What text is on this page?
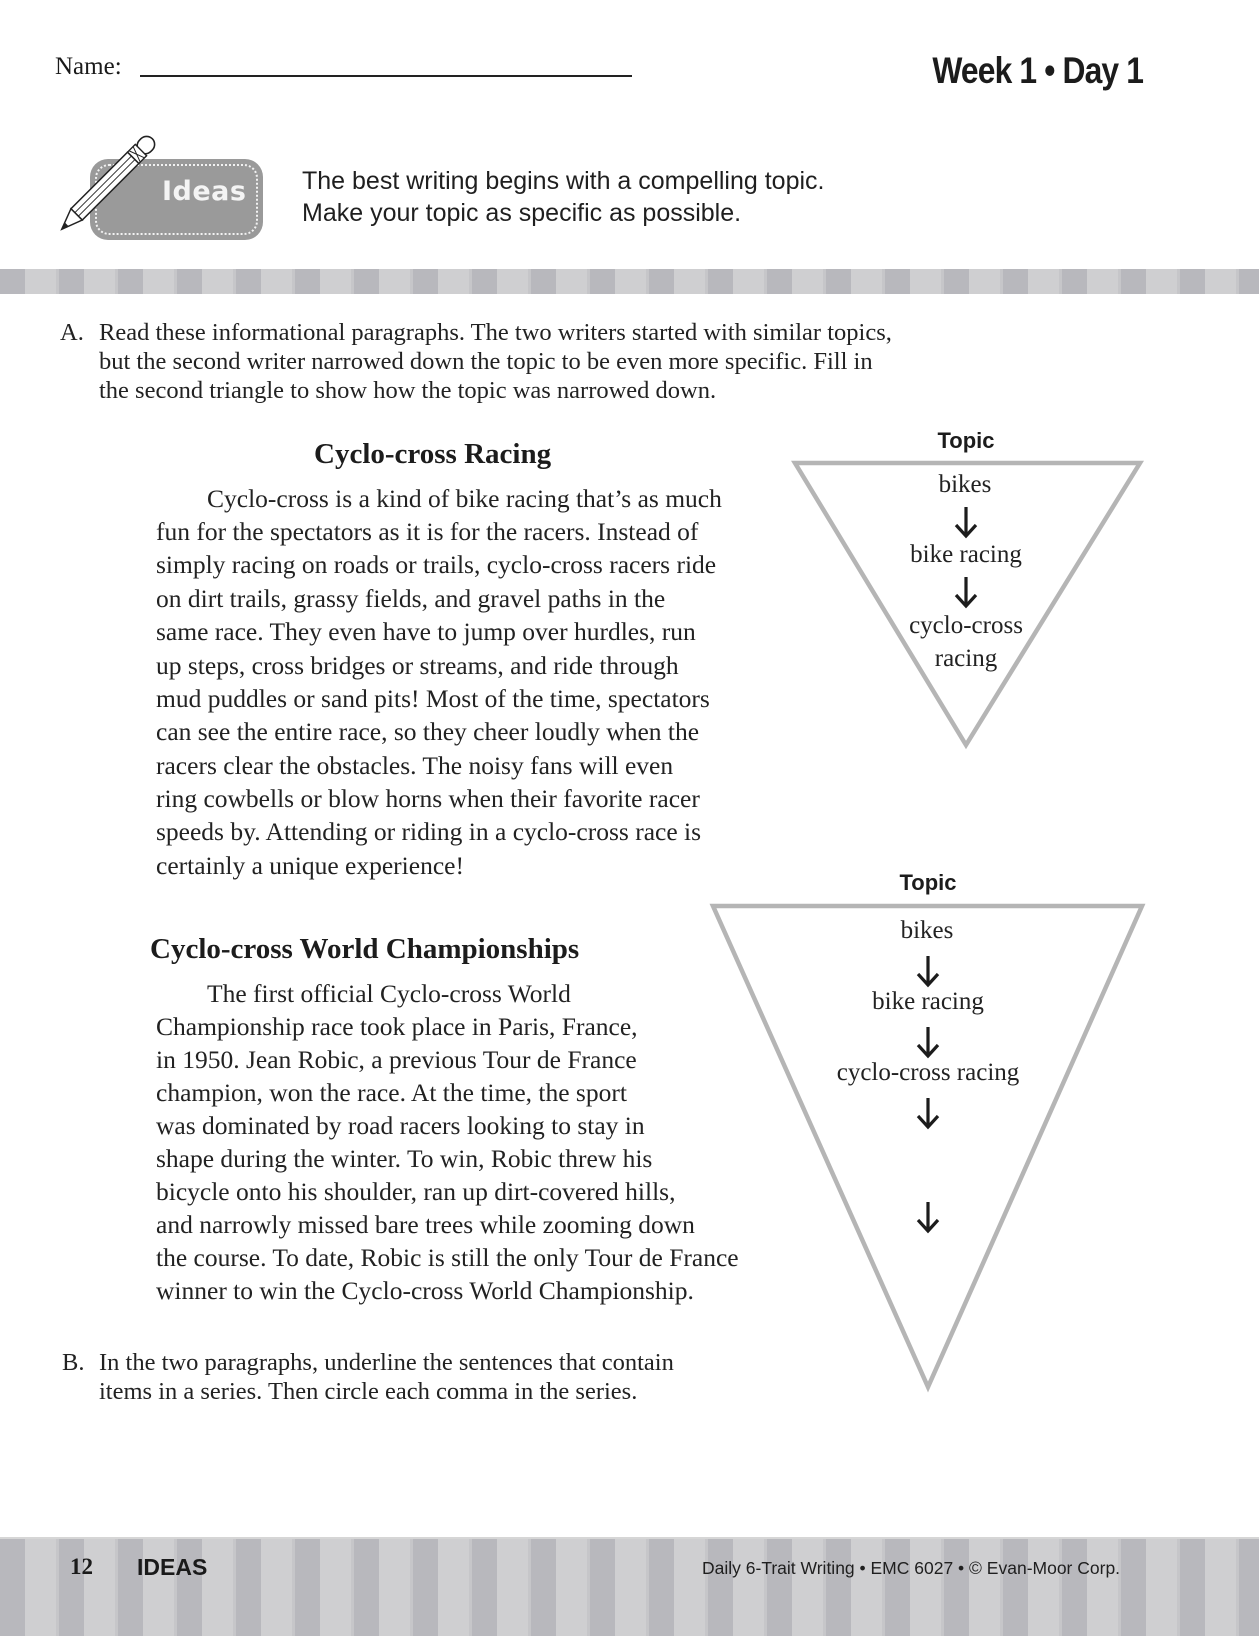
Name:	Week 1 • Day 1
Ideas The best writing begins with a compelling topic.
Make your topic as specific as possible.
A. Read these informational paragraphs. The two writers started with similar topics,
but the second writer narrowed down the topic to be even more specific. Fill in
the second triangle to show how the topic was narrowed down.
Topic
bikes
bike racing
cyclo-cross
racing
Cyclo-cross Racing
Cyclo-cross is a kind of bike racing that’s as much
fun for the spectators as it is for the racers. Instead of
simply racing on roads or trails, cyclo-cross racers ride
on dirt trails, grassy fields, and gravel paths in the
same race. They even have to jump over hurdles, run
up steps, cross bridges or streams, and ride through
mud puddles or sand pits! Most of the time, spectators
can see the entire race, so they cheer loudly when the
racers clear the obstacles. The noisy fans will even
ring cowbells or blow horns when their favorite racer
speeds by. Attending or riding in a cyclo-cross race is
certainly a unique experience!
Topic
bikes
bike racing
cyclo-cross racing
Cyclo-cross World Championships
The first official Cyclo-cross World
Championship race took place in Paris, France,
in 1950. Jean Robic, a previous Tour de France
champion, won the race. At the time, the sport
was dominated by road racers looking to stay in
shape during the winter. To win, Robic threw his
bicycle onto his shoulder, ran up dirt-covered hills,
and narrowly missed bare trees while zooming down
the course. To date, Robic is still the only Tour de France
winner to win the Cyclo-cross World Championship.
B. In the two paragraphs, underline the sentences that contain
items in a series. Then circle each comma in the series.
12 IDEAS	Daily 6-Trait Writing • EMC 6027 • © Evan-Moor Corp.
